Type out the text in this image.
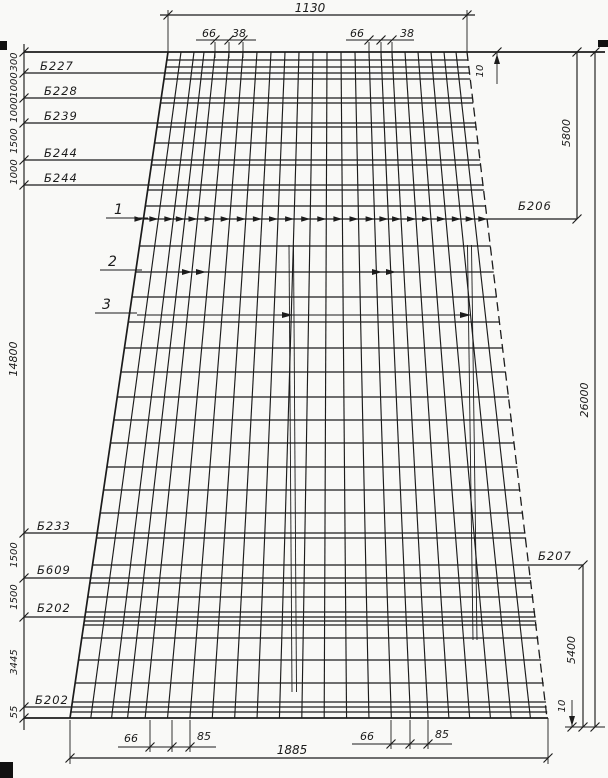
1130
66 38	66	38
Б227
Б228
Б239
Б244
Б244
Б233
Б609
Б202
Б202
Б206
Б207
1
2
3
300
1000
1000
1500
1000
14800
1500
1500
3445
55
10
5800
26000
5400
10
66	85	66	85
1885
